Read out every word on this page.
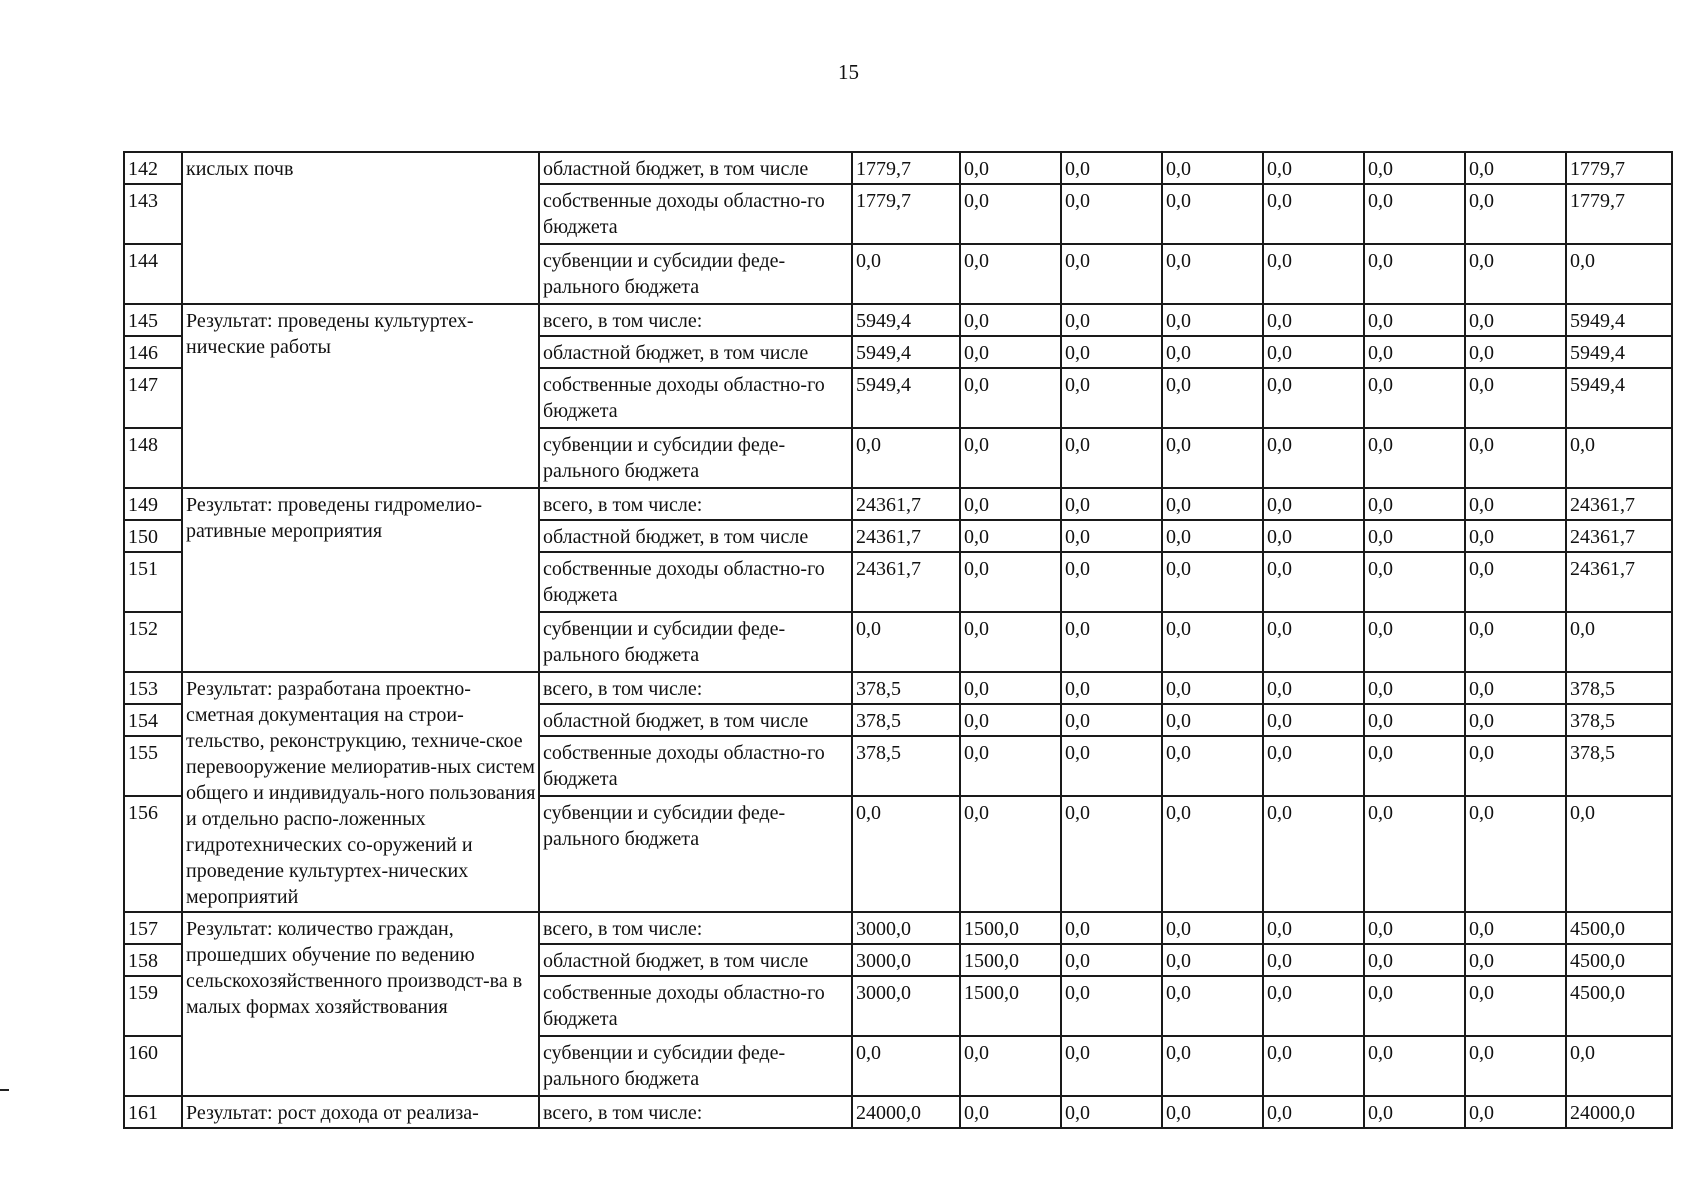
15
142	кислых почв	областной бюджет, в том числе	1779,7	0,0	0,0	0,0	0,0	0,0	0,0	1779,7
143		собственные доходы областно-​го бюджета	1779,7	0,0	0,0	0,0	0,0	0,0	0,0	1779,7
144		субвенции и субсидии феде-​рального бюджета	0,0	0,0	0,0	0,0	0,0	0,0	0,0	0,0
145	Результат: проведены культуртех-​нические работы	всего, в том числе:	5949,4	0,0	0,0	0,0	0,0	0,0	0,0	5949,4
146		областной бюджет, в том числе	5949,4	0,0	0,0	0,0	0,0	0,0	0,0	5949,4
147		собственные доходы областно-​го бюджета	5949,4	0,0	0,0	0,0	0,0	0,0	0,0	5949,4
148		субвенции и субсидии феде-​рального бюджета	0,0	0,0	0,0	0,0	0,0	0,0	0,0	0,0
149	Результат: проведены гидромелио-​ративные мероприятия	всего, в том числе:	24361,7	0,0	0,0	0,0	0,0	0,0	0,0	24361,7
150		областной бюджет, в том числе	24361,7	0,0	0,0	0,0	0,0	0,0	0,0	24361,7
151		собственные доходы областно-​го бюджета	24361,7	0,0	0,0	0,0	0,0	0,0	0,0	24361,7
152		субвенции и субсидии феде-​рального бюджета	0,0	0,0	0,0	0,0	0,0	0,0	0,0	0,0
153	Результат: разработана проектно-​сметная документация на строи-​тельство, реконструкцию, техниче-​ское перевооружение мелиоратив-​ных систем общего и индивидуаль-​ного пользования и отдельно распо-​ложенных гидротехнических со-​оружений и проведение культуртех-​нических мероприятий	всего, в том числе:	378,5	0,0	0,0	0,0	0,0	0,0	0,0	378,5
154		областной бюджет, в том числе	378,5	0,0	0,0	0,0	0,0	0,0	0,0	378,5
155		собственные доходы областно-​го бюджета	378,5	0,0	0,0	0,0	0,0	0,0	0,0	378,5
156		субвенции и субсидии феде-​рального бюджета	0,0	0,0	0,0	0,0	0,0	0,0	0,0	0,0
157	Результат: количество граждан, прошедших обучение по ведению сельскохозяйственного производст-​ва в малых формах хозяйствования	всего, в том числе:	3000,0	1500,0	0,0	0,0	0,0	0,0	0,0	4500,0
158		областной бюджет, в том числе	3000,0	1500,0	0,0	0,0	0,0	0,0	0,0	4500,0
159		собственные доходы областно-​го бюджета	3000,0	1500,0	0,0	0,0	0,0	0,0	0,0	4500,0
160		субвенции и субсидии феде-​рального бюджета	0,0	0,0	0,0	0,0	0,0	0,0	0,0	0,0
161	Результат: рост дохода от реализа-	всего, в том числе:	24000,0	0,0	0,0	0,0	0,0	0,0	0,0	24000,0
